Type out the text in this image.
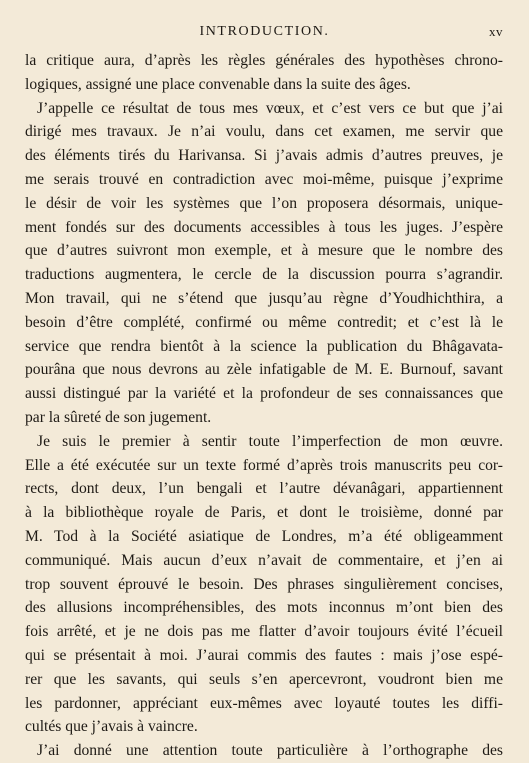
INTRODUCTION.	xv
la critique aura, d’après les règles générales des hypothèses chrono-
logiques, assigné une place convenable dans la suite des âges.
J’appelle ce résultat de tous mes vœux, et c’est vers ce but que j’ai
dirigé mes travaux. Je n’ai voulu, dans cet examen, me servir que
des éléments tirés du Harivansa. Si j’avais admis d’autres preuves, je
me serais trouvé en contradiction avec moi-même, puisque j’exprime
le désir de voir les systèmes que l’on proposera désormais, unique-
ment fondés sur des documents accessibles à tous les juges. J’espère
que d’autres suivront mon exemple, et à mesure que le nombre des
traductions augmentera, le cercle de la discussion pourra s’agrandir.
Mon travail, qui ne s’étend que jusqu’au règne d’Youdhichthira, a
besoin d’être complété, confirmé ou même contredit; et c’est là le
service que rendra bientôt à la science la publication du Bhâgavata-
pourâna que nous devrons au zèle infatigable de M. E. Burnouf, savant
aussi distingué par la variété et la profondeur de ses connaissances que
par la sûreté de son jugement.
Je suis le premier à sentir toute l’imperfection de mon œuvre.
Elle a été exécutée sur un texte formé d’après trois manuscrits peu cor-
rects, dont deux, l’un bengali et l’autre dévanâgari, appartiennent
à la bibliothèque royale de Paris, et dont le troisième, donné par
M. Tod à la Société asiatique de Londres, m’a été obligeamment
communiqué. Mais aucun d’eux n’avait de commentaire, et j’en ai
trop souvent éprouvé le besoin. Des phrases singulièrement concises,
des allusions incompréhensibles, des mots inconnus m’ont bien des
fois arrêté, et je ne dois pas me flatter d’avoir toujours évité l’écueil
qui se présentait à moi. J’aurai commis des fautes : mais j’ose espé-
rer que les savants, qui seuls s’en apercevront, voudront bien me
les pardonner, appréciant eux-mêmes avec loyauté toutes les diffi-
cultés que j’avais à vaincre.
J’ai donné une attention toute particulière à l’orthographe des
